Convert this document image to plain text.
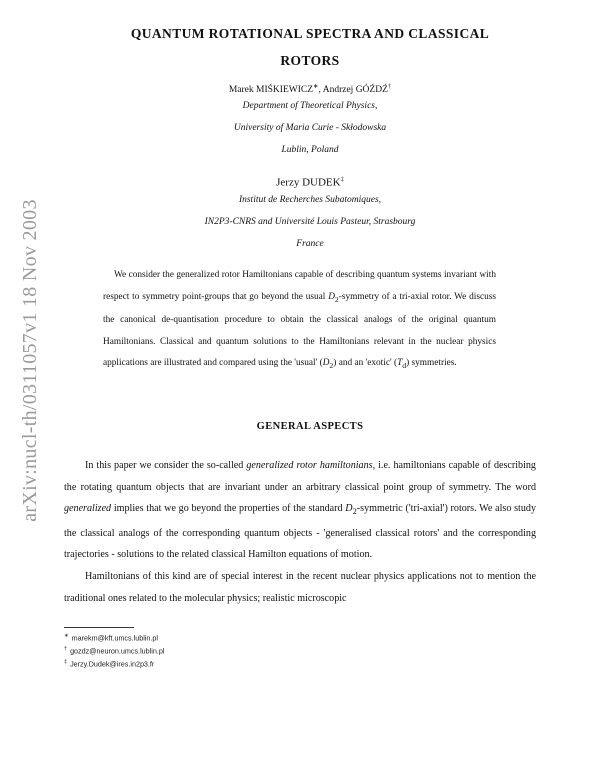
arXiv:nucl-th/0311057v1 18 Nov 2003
QUANTUM ROTATIONAL SPECTRA AND CLASSICAL
ROTORS
Marek MIŚKIEWICZ∗, Andrzej GÓŹDŹ†
Department of Theoretical Physics,
University of Maria Curie - Skłodowska
Lublin, Poland
Jerzy DUDEK‡
Institut de Recherches Subatomiques,
IN2P3-CNRS and Université Louis Pasteur, Strasbourg
France

We consider the generalized rotor Hamiltonians capable of describing quantum systems invariant with respect to symmetry point-groups that go beyond the usual $D_2$-symmetry of a tri-axial rotor. We discuss the canonical de-quantisation procedure to obtain the classical analogs of the original quantum Hamiltonians. Classical and quantum solutions to the Hamiltonians relevant in the nuclear physics applications are illustrated and compared using the 'usual' $(D_2)$ and an 'exotic' $(T_d)$ symmetries.

GENERAL ASPECTS

In this paper we consider the so-called generalized rotor hamiltonians, i.e. hamiltonians capable of describing the rotating quantum objects that are invariant under an arbitrary classical point group of symmetry. The word generalized implies that we go beyond the properties of the standard $D_2$-symmetric ('tri-axial') rotors. We also study the classical analogs of the corresponding quantum objects - 'generalised classical rotors' and the corresponding trajectories - solutions to the related classical Hamilton equations of motion.

Hamiltonians of this kind are of special interest in the recent nuclear physics applications not to mention the traditional ones related to the molecular physics; realistic microscopic

∗ marekm@kft.umcs.lublin.pl
† gozdz@neuron.umcs.lublin.pl
‡ Jerzy.Dudek@ires.in2p3.fr
